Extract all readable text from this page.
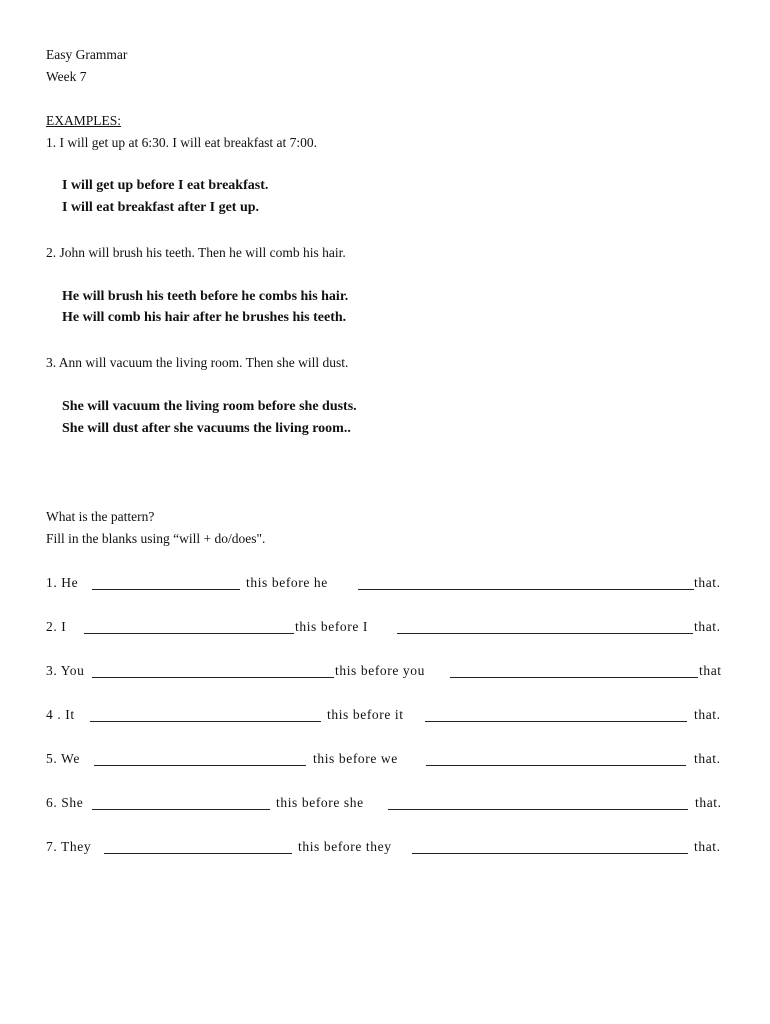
Easy Grammar
Week 7
EXAMPLES:
1. I will get up at 6:30. I will eat breakfast at 7:00.
I will get up before I eat breakfast.
I will eat breakfast after I get up.
2. John will brush his teeth. Then he will comb his hair.
He will brush his teeth before he combs his hair.
He will comb his hair after he brushes his teeth.
3. Ann will vacuum the living room. Then she will dust.
She will vacuum the living room before she dusts.
She will dust after she vacuums the living room..
What is the pattern?
Fill in the blanks using “will + do/does".
1. He	this before he	that.
2. I	this before I	that.
3. You	this before you	that
4 . It	this before it	that.
5. We	this before we	that.
6. She	this before she	that.
7. They	this before they	that.
